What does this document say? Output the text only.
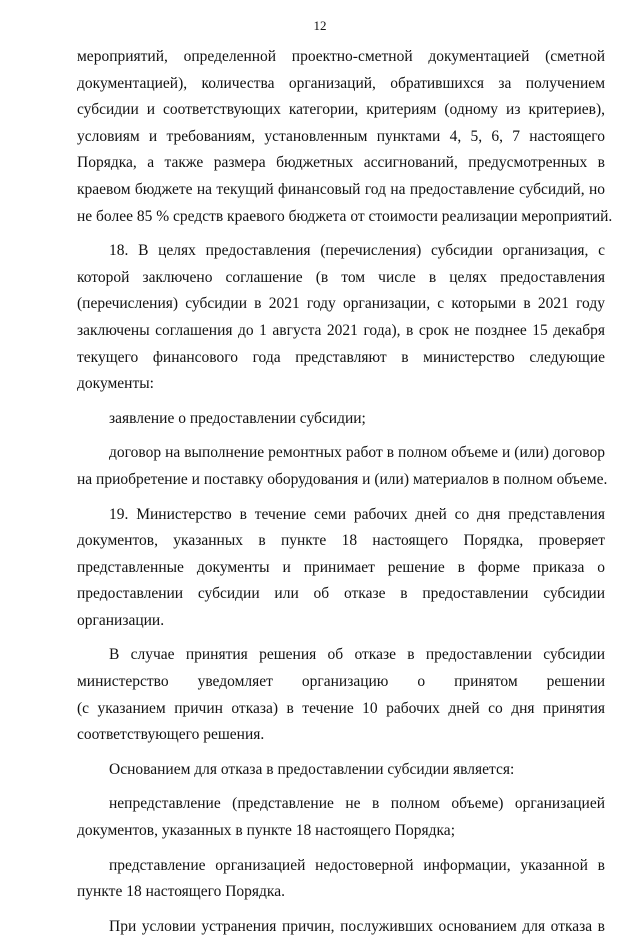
12
мероприятий, определенной проектно-сметной документацией (сметной
документацией), количества организаций, обратившихся за получением
субсидии и соответствующих категории, критериям (одному из критериев),
условиям и требованиям, установленным пунктами 4, 5, 6, 7 настоящего
Порядка, а также размера бюджетных ассигнований, предусмотренных в
краевом бюджете на текущий финансовый год на предоставление субсидий, но
не более 85 % средств краевого бюджета от стоимости реализации мероприятий.
18. В целях предоставления (перечисления) субсидии организация, с
которой заключено соглашение (в том числе в целях предоставления
(перечисления) субсидии в 2021 году организации, с которыми в 2021 году
заключены соглашения до 1 августа 2021 года), в срок не позднее 15 декабря
текущего финансового года представляют в министерство следующие
документы:
заявление о предоставлении субсидии;
договор на выполнение ремонтных работ в полном объеме и (или) договор
на приобретение и поставку оборудования и (или) материалов в полном объеме.
19. Министерство в течение семи рабочих дней со дня представления
документов, указанных в пункте 18 настоящего Порядка, проверяет
представленные документы и принимает решение в форме приказа о
предоставлении субсидии или об отказе в предоставлении субсидии
организации.
В случае принятия решения об отказе в предоставлении субсидии
министерство уведомляет организацию о принятом решении
(с указанием причин отказа) в течение 10 рабочих дней со дня принятия
соответствующего решения.
Основанием для отказа в предоставлении субсидии является:
непредставление (представление не в полном объеме) организацией
документов, указанных в пункте 18 настоящего Порядка;
представление организацией недостоверной информации, указанной в
пункте 18 настоящего Порядка.
При условии устранения причин, послуживших основанием для отказа в
